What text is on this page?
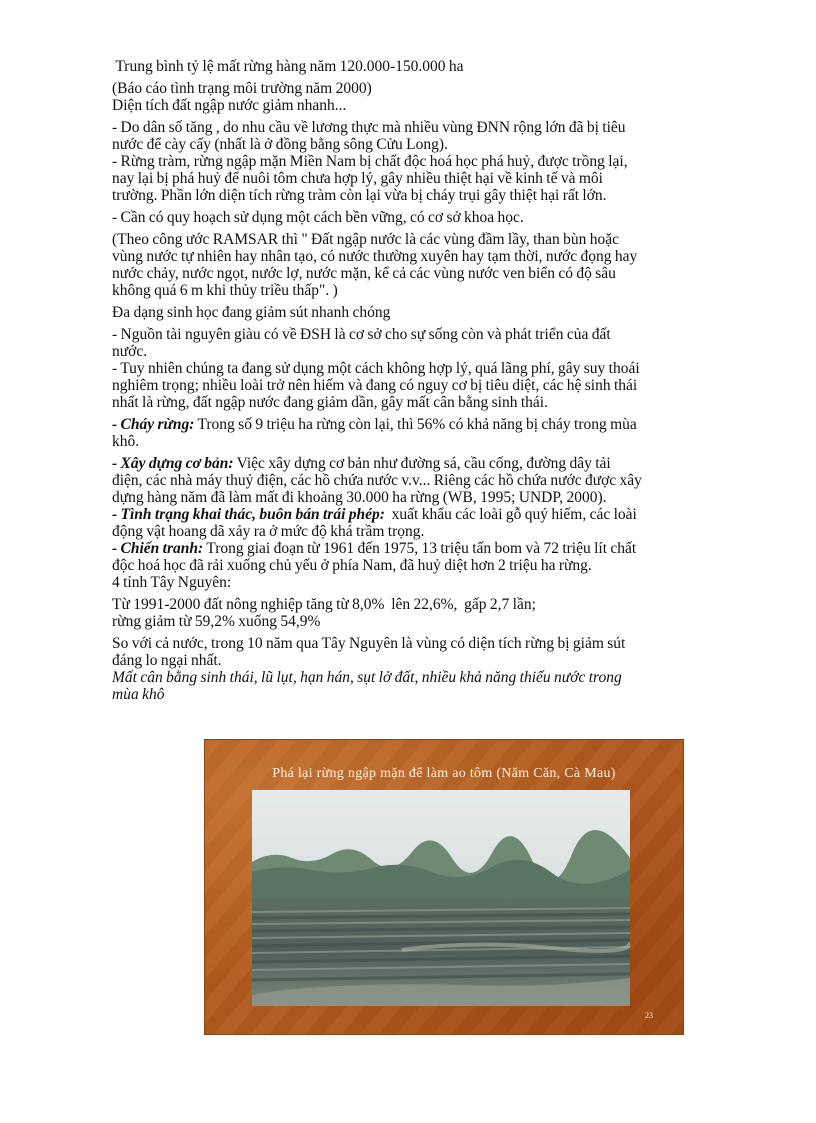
Trung bình tỷ lệ mất rừng hàng năm 120.000-150.000 ha
(Báo cáo tình trạng môi trường năm 2000)
Diện tích đất ngập nước giảm nhanh...
- Do dân số tăng , do nhu cầu về lương thực mà nhiều vùng ĐNN rộng lớn đã bị tiêu
nước để cày cấy (nhất là ở đồng bằng sông Cửu Long).
- Rừng tràm, rừng ngập mặn Miền Nam bị chất độc hoá học phá huỷ, được trồng lại,
nay lại bị phá huỷ để nuôi tôm chưa hợp lý, gây nhiều thiệt hại về kinh tế và môi
trường. Phần lớn diện tích rừng tràm còn lại vừa bị cháy trụi gây thiệt hại rất lớn.
- Cần có quy hoạch sử dụng một cách bền vững, có cơ sở khoa học.
(Theo công ước RAMSAR thì " Đất ngập nước là các vùng đầm lầy, than bùn hoặc
vùng nước tự nhiên hay nhân tạo, có nước thường xuyên hay tạm thời, nước đọng hay
nước chảy, nước ngọt, nước lợ, nước mặn, kể cả các vùng nước ven biển có độ sâu
không quá 6 m khi thủy triều thấp". )
Đa dạng sinh học đang giảm sút nhanh chóng
- Nguồn tài nguyên giàu có về ĐSH là cơ sở cho sự sống còn và phát triển của đất
nước.
- Tuy nhiên chúng ta đang sử dụng một cách không hợp lý, quá lãng phí, gây suy thoái
nghiêm trọng; nhiều loài trở nên hiếm và đang có nguy cơ bị tiêu diệt, các hệ sinh thái
nhất là rừng, đất ngập nước đang giảm dần, gây mất cân bằng sinh thái.
- Cháy rừng: Trong số 9 triệu ha rừng còn lại, thì 56% có khả năng bị cháy trong mùa
khô.
- Xây dựng cơ bản: Việc xây dựng cơ bản như đường sá, cầu cống, đường dây tải
điện, các nhà máy thuỷ điện, các hồ chứa nước v.v... Riêng các hồ chứa nước được xây
dựng hàng năm đã làm mất đi khoảng 30.000 ha rừng (WB, 1995; UNDP, 2000).
- Tình trạng khai thác, buôn bán trái phép:  xuất khẩu các loài gỗ quý hiếm, các loài
động vật hoang dã xảy ra ở mức độ khá trầm trọng.
- Chiến tranh: Trong giai đoạn từ 1961 đến 1975, 13 triệu tấn bom và 72 triệu lít chất
độc hoá học đã rải xuống chủ yếu ở phía Nam, đã huỷ diệt hơn 2 triệu ha rừng.
4 tỉnh Tây Nguyên:
Từ 1991-2000 đất nông nghiệp tăng từ 8,0%  lên 22,6%,  gấp 2,7 lần;
rừng giảm từ 59,2% xuống 54,9%
So với cả nước, trong 10 năm qua Tây Nguyên là vùng có diện tích rừng bị giảm sút
đáng lo ngại nhất.
Mất cân bằng sinh thái, lũ lụt, hạn hán, sụt lở đất, nhiều khả năng thiếu nước trong
mùa khô
Phá lại rừng ngập mặn để làm ao tôm (Năm Căn, Cà Mau)
23
